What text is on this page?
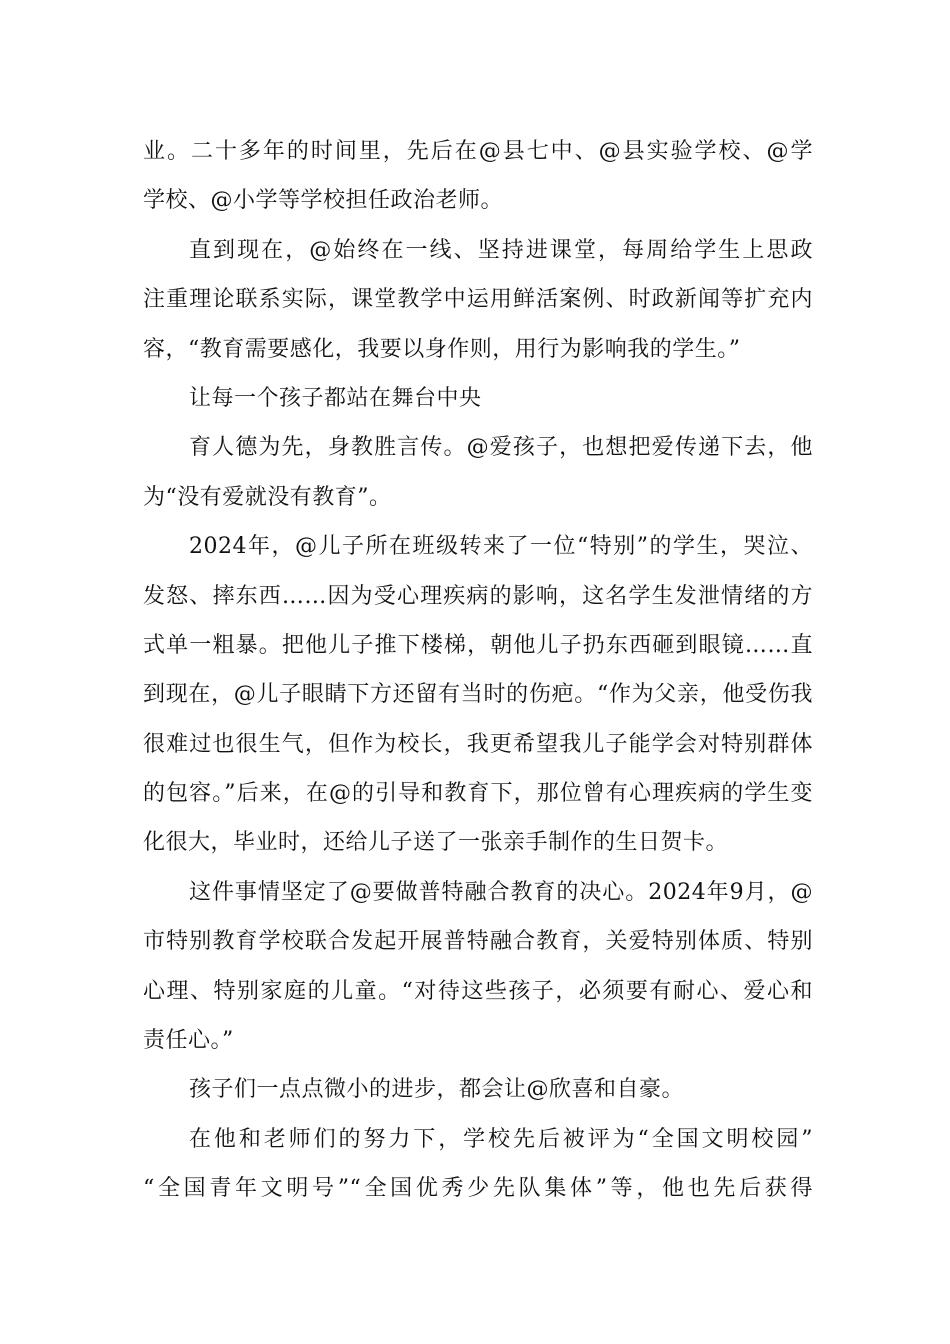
业。二十多年的时间里，先后在@县七中、@县实验学校、@学
学校、@小学等学校担任政治老师。
直到现在，@始终在一线、坚持进课堂，每周给学生上思政
注重理论联系实际，课堂教学中运用鲜活案例、时政新闻等扩充内
容，“教育需要感化，我要以身作则，用行为影响我的学生。”
让每一个孩子都站在舞台中央
育人德为先，身教胜言传。@爱孩子，也想把爱传递下去，他
为“没有爱就没有教育”。
2024年，@儿子所在班级转来了一位“特别”的学生，哭泣、
发怒、摔东西……因为受心理疾病的影响，这名学生发泄情绪的方
式单一粗暴。把他儿子推下楼梯，朝他儿子扔东西砸到眼镜……直
到现在，@儿子眼睛下方还留有当时的伤疤。“作为父亲，他受伤我
很难过也很生气，但作为校长，我更希望我儿子能学会对特别群体
的包容。”后来，在@的引导和教育下，那位曾有心理疾病的学生变
化很大，毕业时，还给儿子送了一张亲手制作的生日贺卡。
这件事情坚定了@要做普特融合教育的决心。2024年9月，@
市特别教育学校联合发起开展普特融合教育，关爱特别体质、特别
心理、特别家庭的儿童。“对待这些孩子，必须要有耐心、爱心和
责任心。”
孩子们一点点微小的进步，都会让@欣喜和自豪。
在他和老师们的努力下，学校先后被评为“全国文明校园”
“全国青年文明号”“全国优秀少先队集体”等，他也先后获得
